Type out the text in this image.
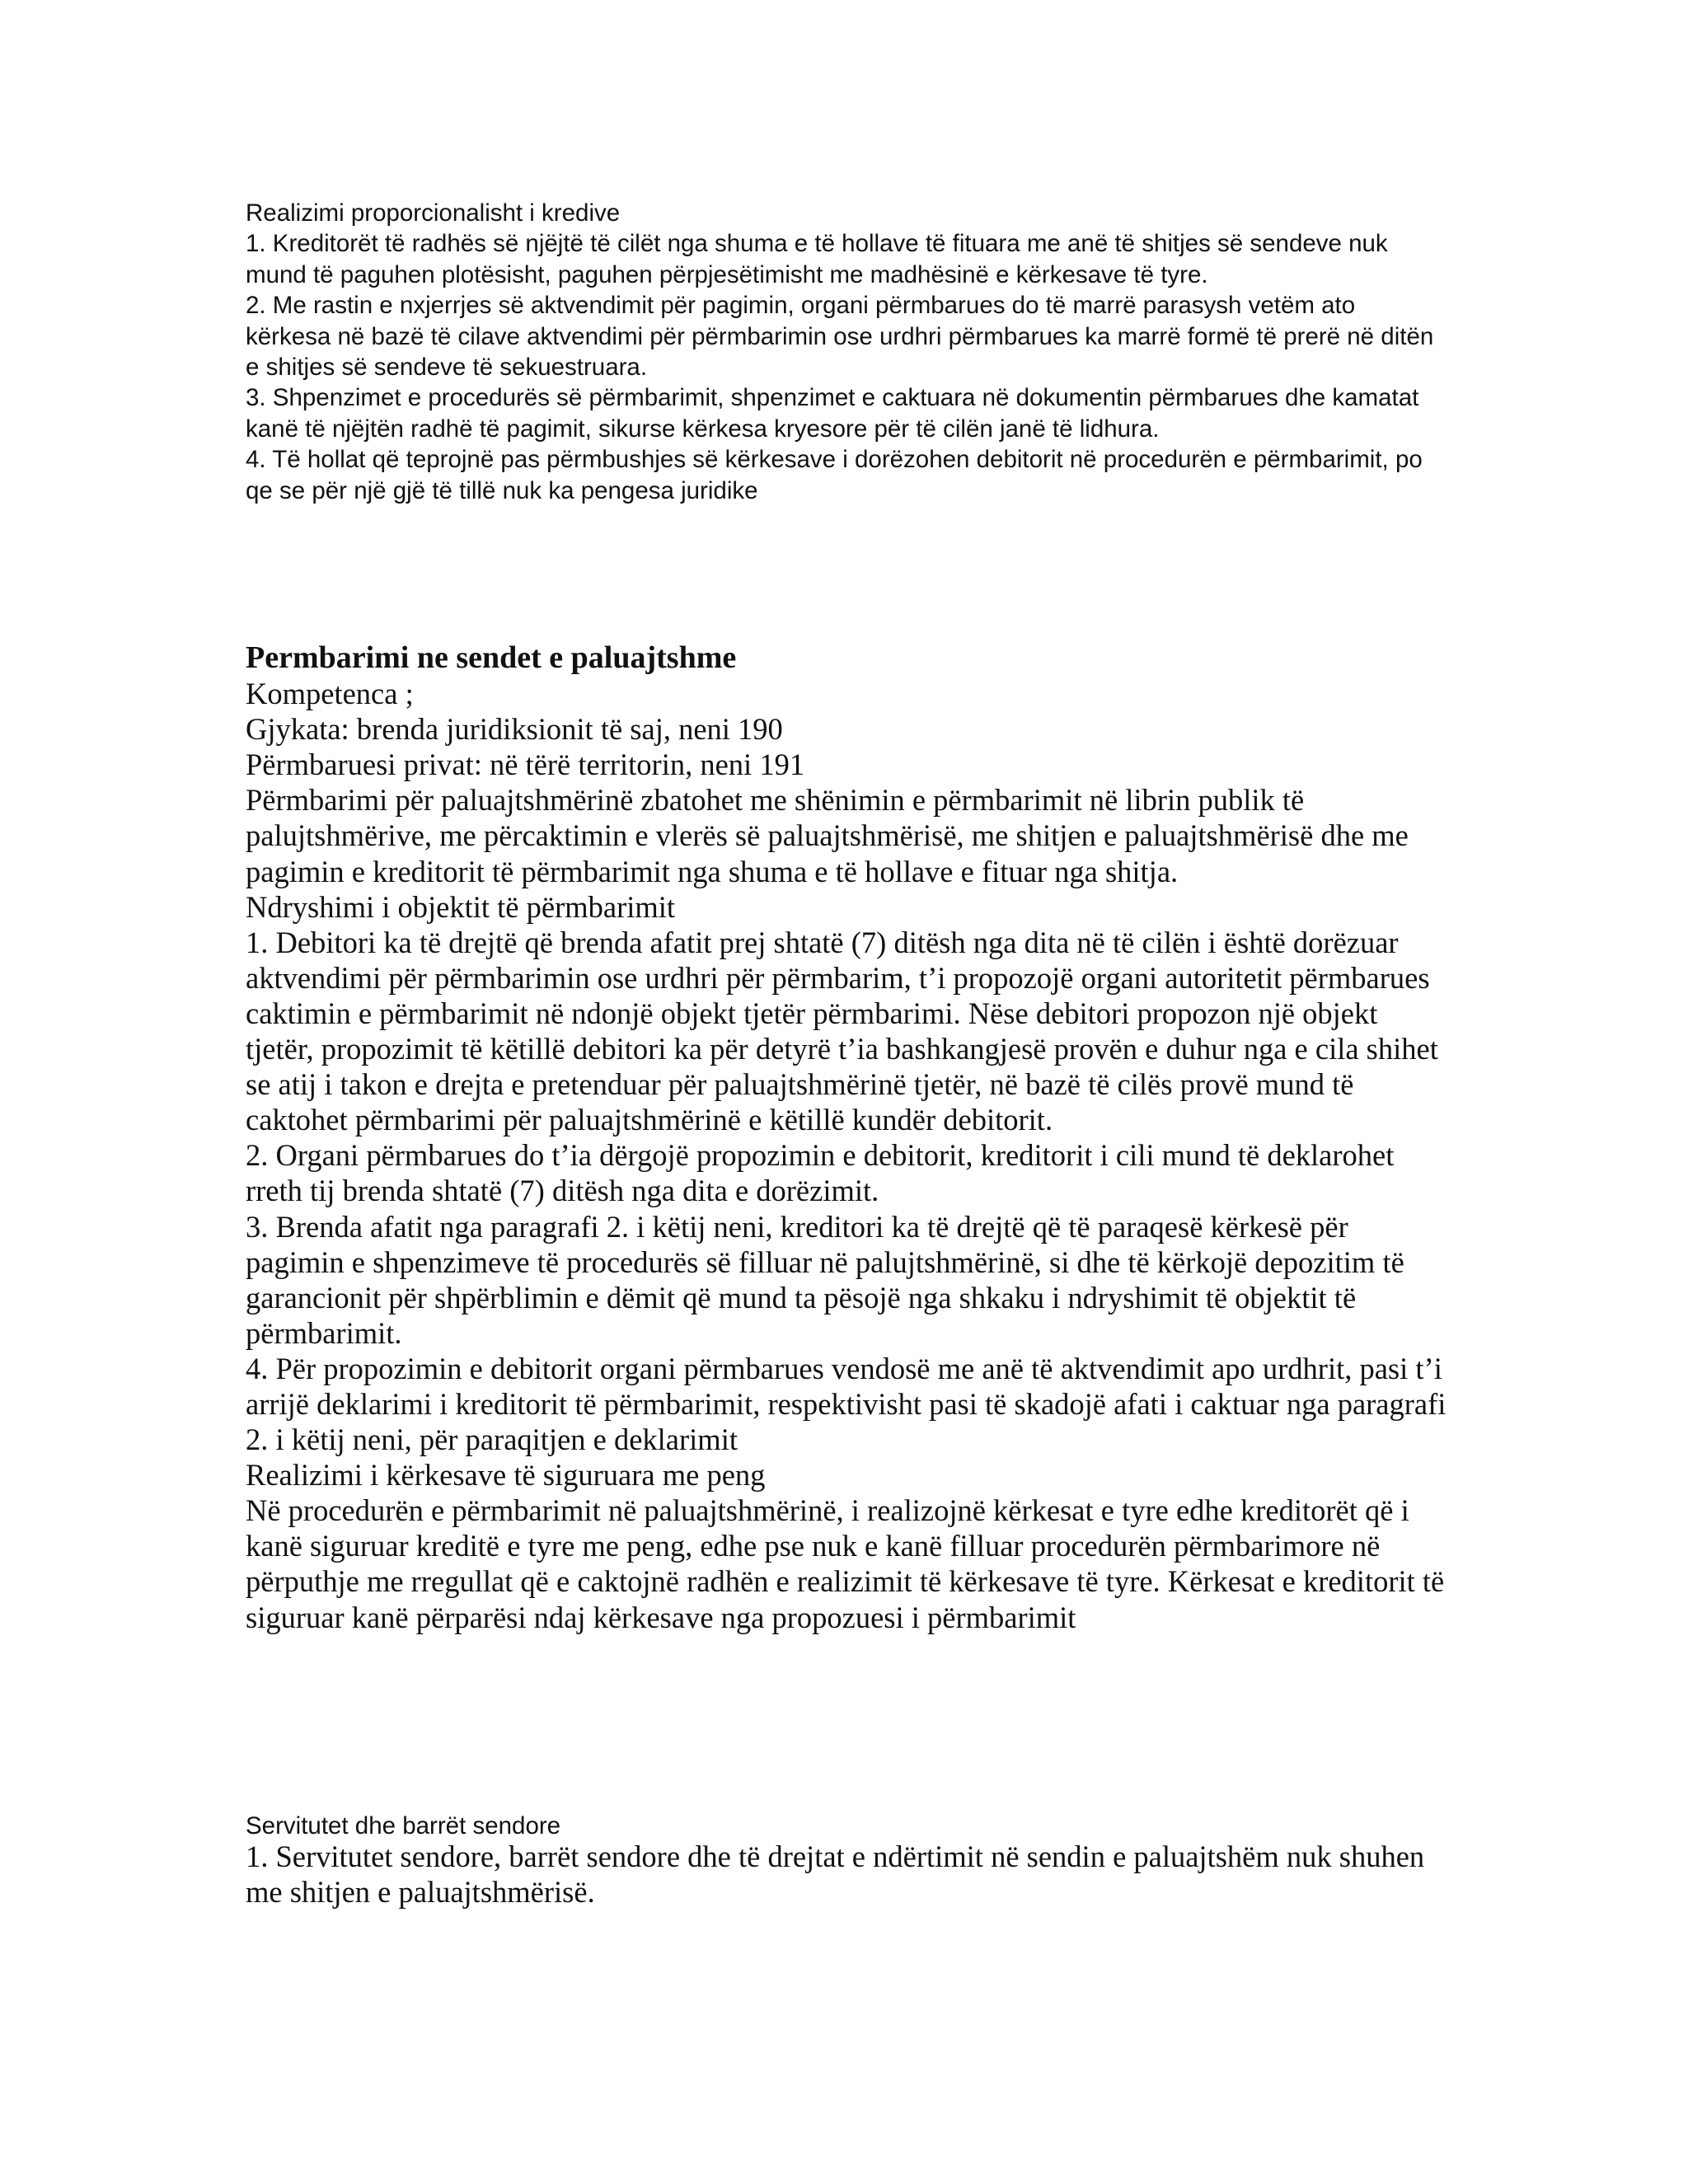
Realizimi proporcionalisht i kredive

1. Kreditorët të radhës së njëjtë të cilët nga shuma e të hollave të fituara me anë të shitjes së sendeve nuk mund të paguhen plotësisht, paguhen përpjesëtimisht me madhësinë e kërkesave të tyre.

2. Me rastin e nxjerrjes së aktvendimit për pagimin, organi përmbarues do të marrë parasysh vetëm ato kërkesa në bazë të cilave aktvendimi për përmbarimin ose urdhri përmbarues ka marrë formë të prerë në ditën e shitjes së sendeve të sekuestruara.

3. Shpenzimet e procedurës së përmbarimit, shpenzimet e caktuara në dokumentin përmbarues dhe kamatat kanë të njëjtën radhë të pagimit, sikurse kërkesa kryesore për të cilën janë të lidhura.

4. Të hollat që teprojnë pas përmbushjes së kërkesave i dorëzohen debitorit në procedurën e përmbarimit, po qe se për një gjë të tillë nuk ka pengesa juridike

Permbarimi ne sendet e paluajtshme

Kompetenca ;

Gjykata: brenda juridiksionit të saj, neni 190

Përmbaruesi privat: në tërë territorin, neni 191

Përmbarimi për paluajtshmërinë zbatohet me shënimin e përmbarimit në librin publik të palujtshmërive, me përcaktimin e vlerës së paluajtshmërisë, me shitjen e paluajtshmërisë dhe me pagimin e kreditorit të përmbarimit nga shuma e të hollave e fituar nga shitja.

Ndryshimi i objektit të përmbarimit

1. Debitori ka të drejtë që brenda afatit prej shtatë (7) ditësh nga dita në të cilën i është dorëzuar aktvendimi për përmbarimin ose urdhri për përmbarim, t’i propozojë organi autoritetit përmbarues caktimin e përmbarimit në ndonjë objekt tjetër përmbarimi. Nëse debitori propozon një objekt tjetër, propozimit të këtillë debitori ka për detyrë t’ia bashkangjesë provën e duhur nga e cila shihet se atij i takon e drejta e pretenduar për paluajtshmërinë tjetër, në bazë të cilës provë mund të caktohet përmbarimi për paluajtshmërinë e këtillë kundër debitorit.

2. Organi përmbarues do t’ia dërgojë propozimin e debitorit, kreditorit i cili mund të deklarohet rreth tij brenda shtatë (7) ditësh nga dita e dorëzimit.

3. Brenda afatit nga paragrafi 2. i këtij neni, kreditori ka të drejtë që të paraqesë kërkesë për pagimin e shpenzimeve të procedurës së filluar në palujtshmërinë, si dhe të kërkojë depozitim të garancionit për shpërblimin e dëmit që mund ta pësojë nga shkaku i ndryshimit të objektit të përmbarimit.

4. Për propozimin e debitorit organi përmbarues vendosë me anë të aktvendimit apo urdhrit, pasi t’i arrijë deklarimi i kreditorit të përmbarimit, respektivisht pasi të skadojë afati i caktuar nga paragrafi 2. i këtij neni, për paraqitjen e deklarimit

Realizimi i kërkesave të siguruara me peng

Në procedurën e përmbarimit në paluajtshmërinë, i realizojnë kërkesat e tyre edhe kreditorët që i kanë siguruar kreditë e tyre me peng, edhe pse nuk e kanë filluar procedurën përmbarimore në përputhje me rregullat që e caktojnë radhën e realizimit të kërkesave të tyre. Kërkesat e kreditorit të siguruar kanë përparësi ndaj kërkesave nga propozuesi i përmbarimit

Servitutet dhe barrët sendore

1. Servitutet sendore, barrët sendore dhe të drejtat e ndërtimit në sendin e paluajtshëm nuk shuhen me shitjen e paluajtshmërisë.
